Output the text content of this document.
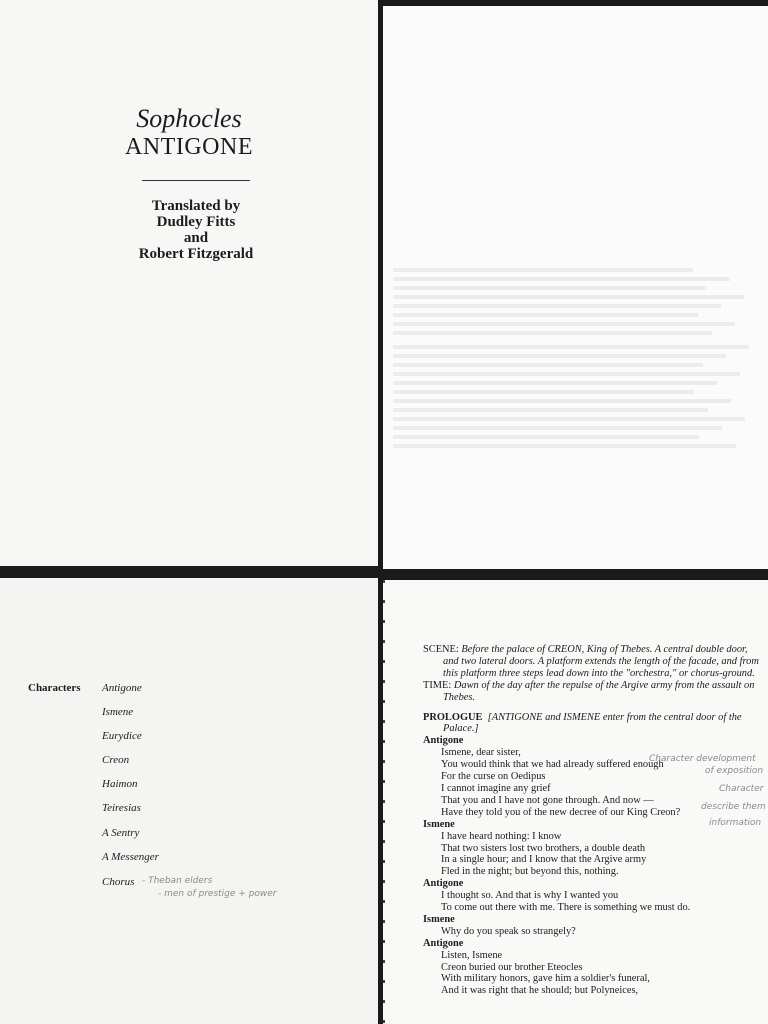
Sophocles
ANTIGONE
Translated by
Dudley Fitts
and
Robert Fitzgerald
Characters Antigone
Ismene
Eurydice
Creon
Haimon
Teiresias
A Sentry
A Messenger
Chorus - Theban elders
- men of prestige + power
SCENE: Before the palace of CREON, King of Thebes. A central double door, and two lateral doors. A platform extends the length of the facade, and from this platform three steps lead down into the "orchestra," or chorus-ground.
TIME: Dawn of the day after the repulse of the Argive army from the assault on Thebes.
PROLOGUE [ANTIGONE and ISMENE enter from the central door of the Palace.]
Antigone
Ismene, dear sister,
You would think that we had already suffered enough
For the curse on Oedipus
I cannot imagine any grief
That you and I have not gone through. And now —
Have they told you of the new decree of our King Creon?
Ismene
I have heard nothing: I know
That two sisters lost two brothers, a double death
In a single hour; and I know that the Argive army
Fled in the night; but beyond this, nothing.
Antigone
I thought so. And that is why I wanted you
To come out there with me. There is something we must do.
Ismene
Why do you speak so strangely?
Antigone
Listen, Ismene
Creon buried our brother Eteocles
With military honors, gave him a soldier's funeral,
And it was right that he should; but Polyneices,
Character development
of exposition
Character
describe them
information
